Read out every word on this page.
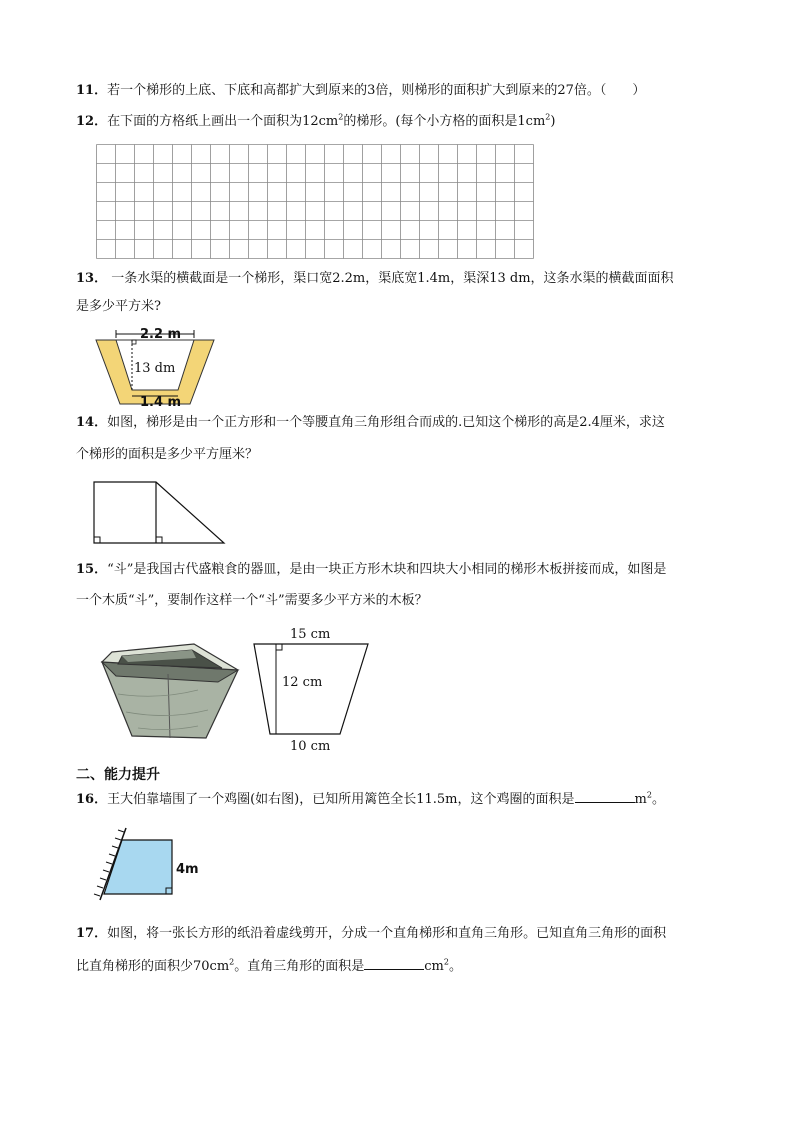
11．若一个梯形的上底、下底和高都扩大到原来的3倍，则梯形的面积扩大到原来的27倍。（　　）
12．在下面的方格纸上画出一个面积为$12cm^2$的梯形。(每个小方格的面积是$1cm^2$)
13． 一条水渠的横截面是一个梯形，渠口宽2.2m，渠底宽1.4m，渠深13 dm，这条水渠的横截面面积
是多少平方米?
2.2 m
13 dm
1.4 m
14．如图，梯形是由一个正方形和一个等腰直角三角形组合而成的.已知这个梯形的高是2.4厘米，求这
个梯形的面积是多少平方厘米？
15．“斗”是我国古代盛粮食的器皿，是由一块正方形木块和四块大小相同的梯形木板拼接而成，如图是
一个木质“斗”，要制作这样一个“斗”需要多少平方米的木板？
15 cm
12 cm
10 cm
二、能力提升
16．王大伯靠墙围了一个鸡圈(如右图)，已知所用篱笆全长11.5m，这个鸡圈的面积是	$m^2$。
4m
17．如图，将一张长方形的纸沿着虚线剪开，分成一个直角梯形和直角三角形。已知直角三角形的面积
比直角梯形的面积少$70cm^2$。直角三角形的面积是	$cm^2$。
